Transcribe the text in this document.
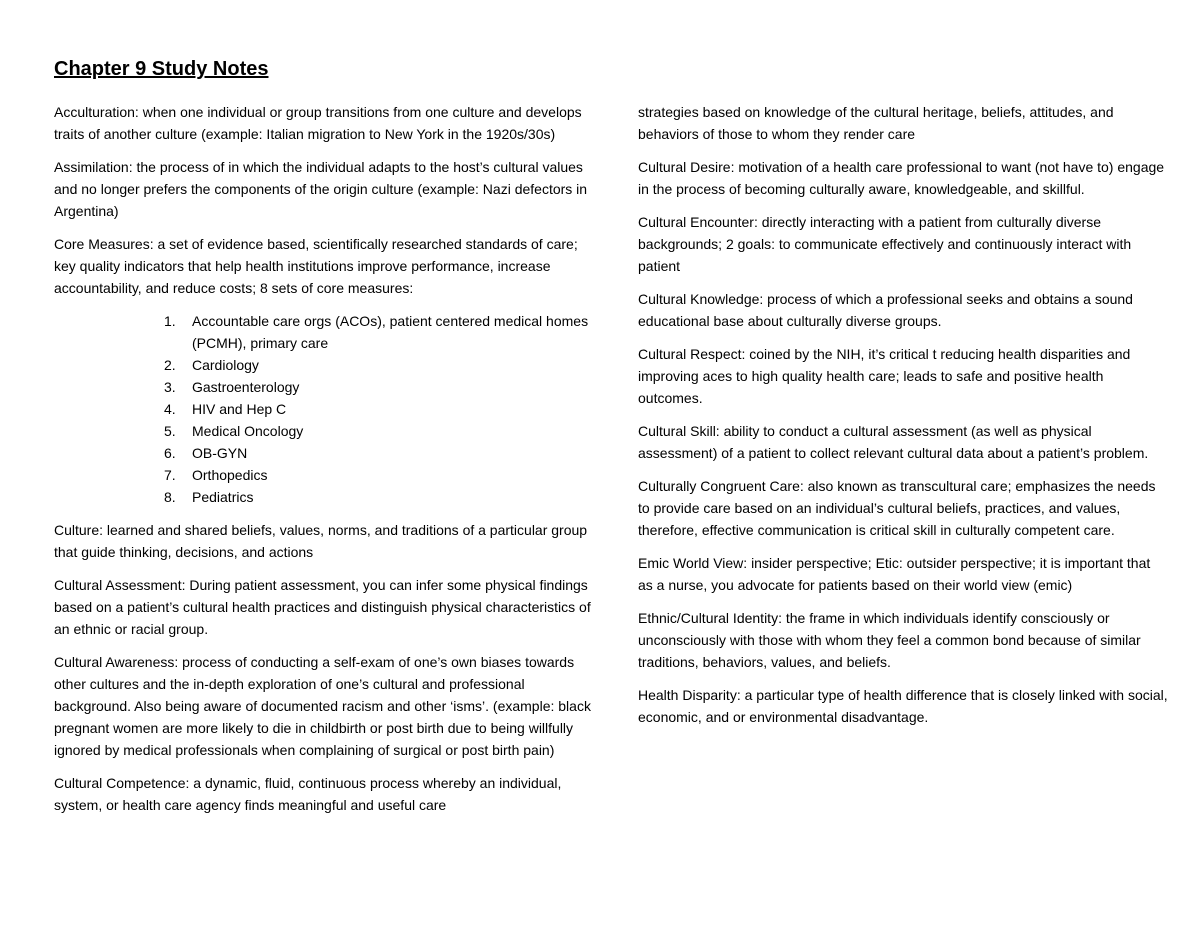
Chapter 9 Study Notes

Acculturation: when one individual or group transitions from one culture and develops traits of another culture (example: Italian migration to New York in the 1920s/30s)

Assimilation: the process of in which the individual adapts to the host’s cultural values and no longer prefers the components of the origin culture (example: Nazi defectors in Argentina)

Core Measures: a set of evidence based, scientifically researched standards of care; key quality indicators that help health institutions improve performance, increase accountability, and reduce costs; 8 sets of core measures:

1.	Accountable care orgs (ACOs), patient centered medical homes (PCMH), primary care
2.	Cardiology
3.	Gastroenterology
4.	HIV and Hep C
5.	Medical Oncology
6.	OB-GYN
7.	Orthopedics
8.	Pediatrics

Culture: learned and shared beliefs, values, norms, and traditions of a particular group that guide thinking, decisions, and actions

Cultural Assessment: During patient assessment, you can infer some physical findings based on a patient’s cultural health practices and distinguish physical characteristics of an ethnic or racial group.

Cultural Awareness: process of conducting a self-exam of one’s own biases towards other cultures and the in-depth exploration of one’s cultural and professional background. Also being aware of documented racism and other ‘isms’. (example: black pregnant women are more likely to die in childbirth or post birth due to being willfully ignored by medical professionals when complaining of surgical or post birth pain)

Cultural Competence: a dynamic, fluid, continuous process whereby an individual, system, or health care agency finds meaningful and useful care

strategies based on knowledge of the cultural heritage, beliefs, attitudes, and behaviors of those to whom they render care

Cultural Desire: motivation of a health care professional to want (not have to) engage in the process of becoming culturally aware, knowledgeable, and skillful.

Cultural Encounter: directly interacting with a patient from culturally diverse backgrounds; 2 goals: to communicate effectively and continuously interact with patient

Cultural Knowledge: process of which a professional seeks and obtains a sound educational base about culturally diverse groups.

Cultural Respect: coined by the NIH, it’s critical t reducing health disparities and improving aces to high quality health care; leads to safe and positive health outcomes.

Cultural Skill: ability to conduct a cultural assessment (as well as physical assessment) of a patient to collect relevant cultural data about a patient’s problem.

Culturally Congruent Care: also known as transcultural care; emphasizes the needs to provide care based on an individual’s cultural beliefs, practices, and values, therefore, effective communication is critical skill in culturally competent care.

Emic World View: insider perspective; Etic: outsider perspective; it is important that as a nurse, you advocate for patients based on their world view (emic)

Ethnic/Cultural Identity: the frame in which individuals identify consciously or unconsciously with those with whom they feel a common bond because of similar traditions, behaviors, values, and beliefs.

Health Disparity: a particular type of health difference that is closely linked with social, economic, and or environmental disadvantage.
